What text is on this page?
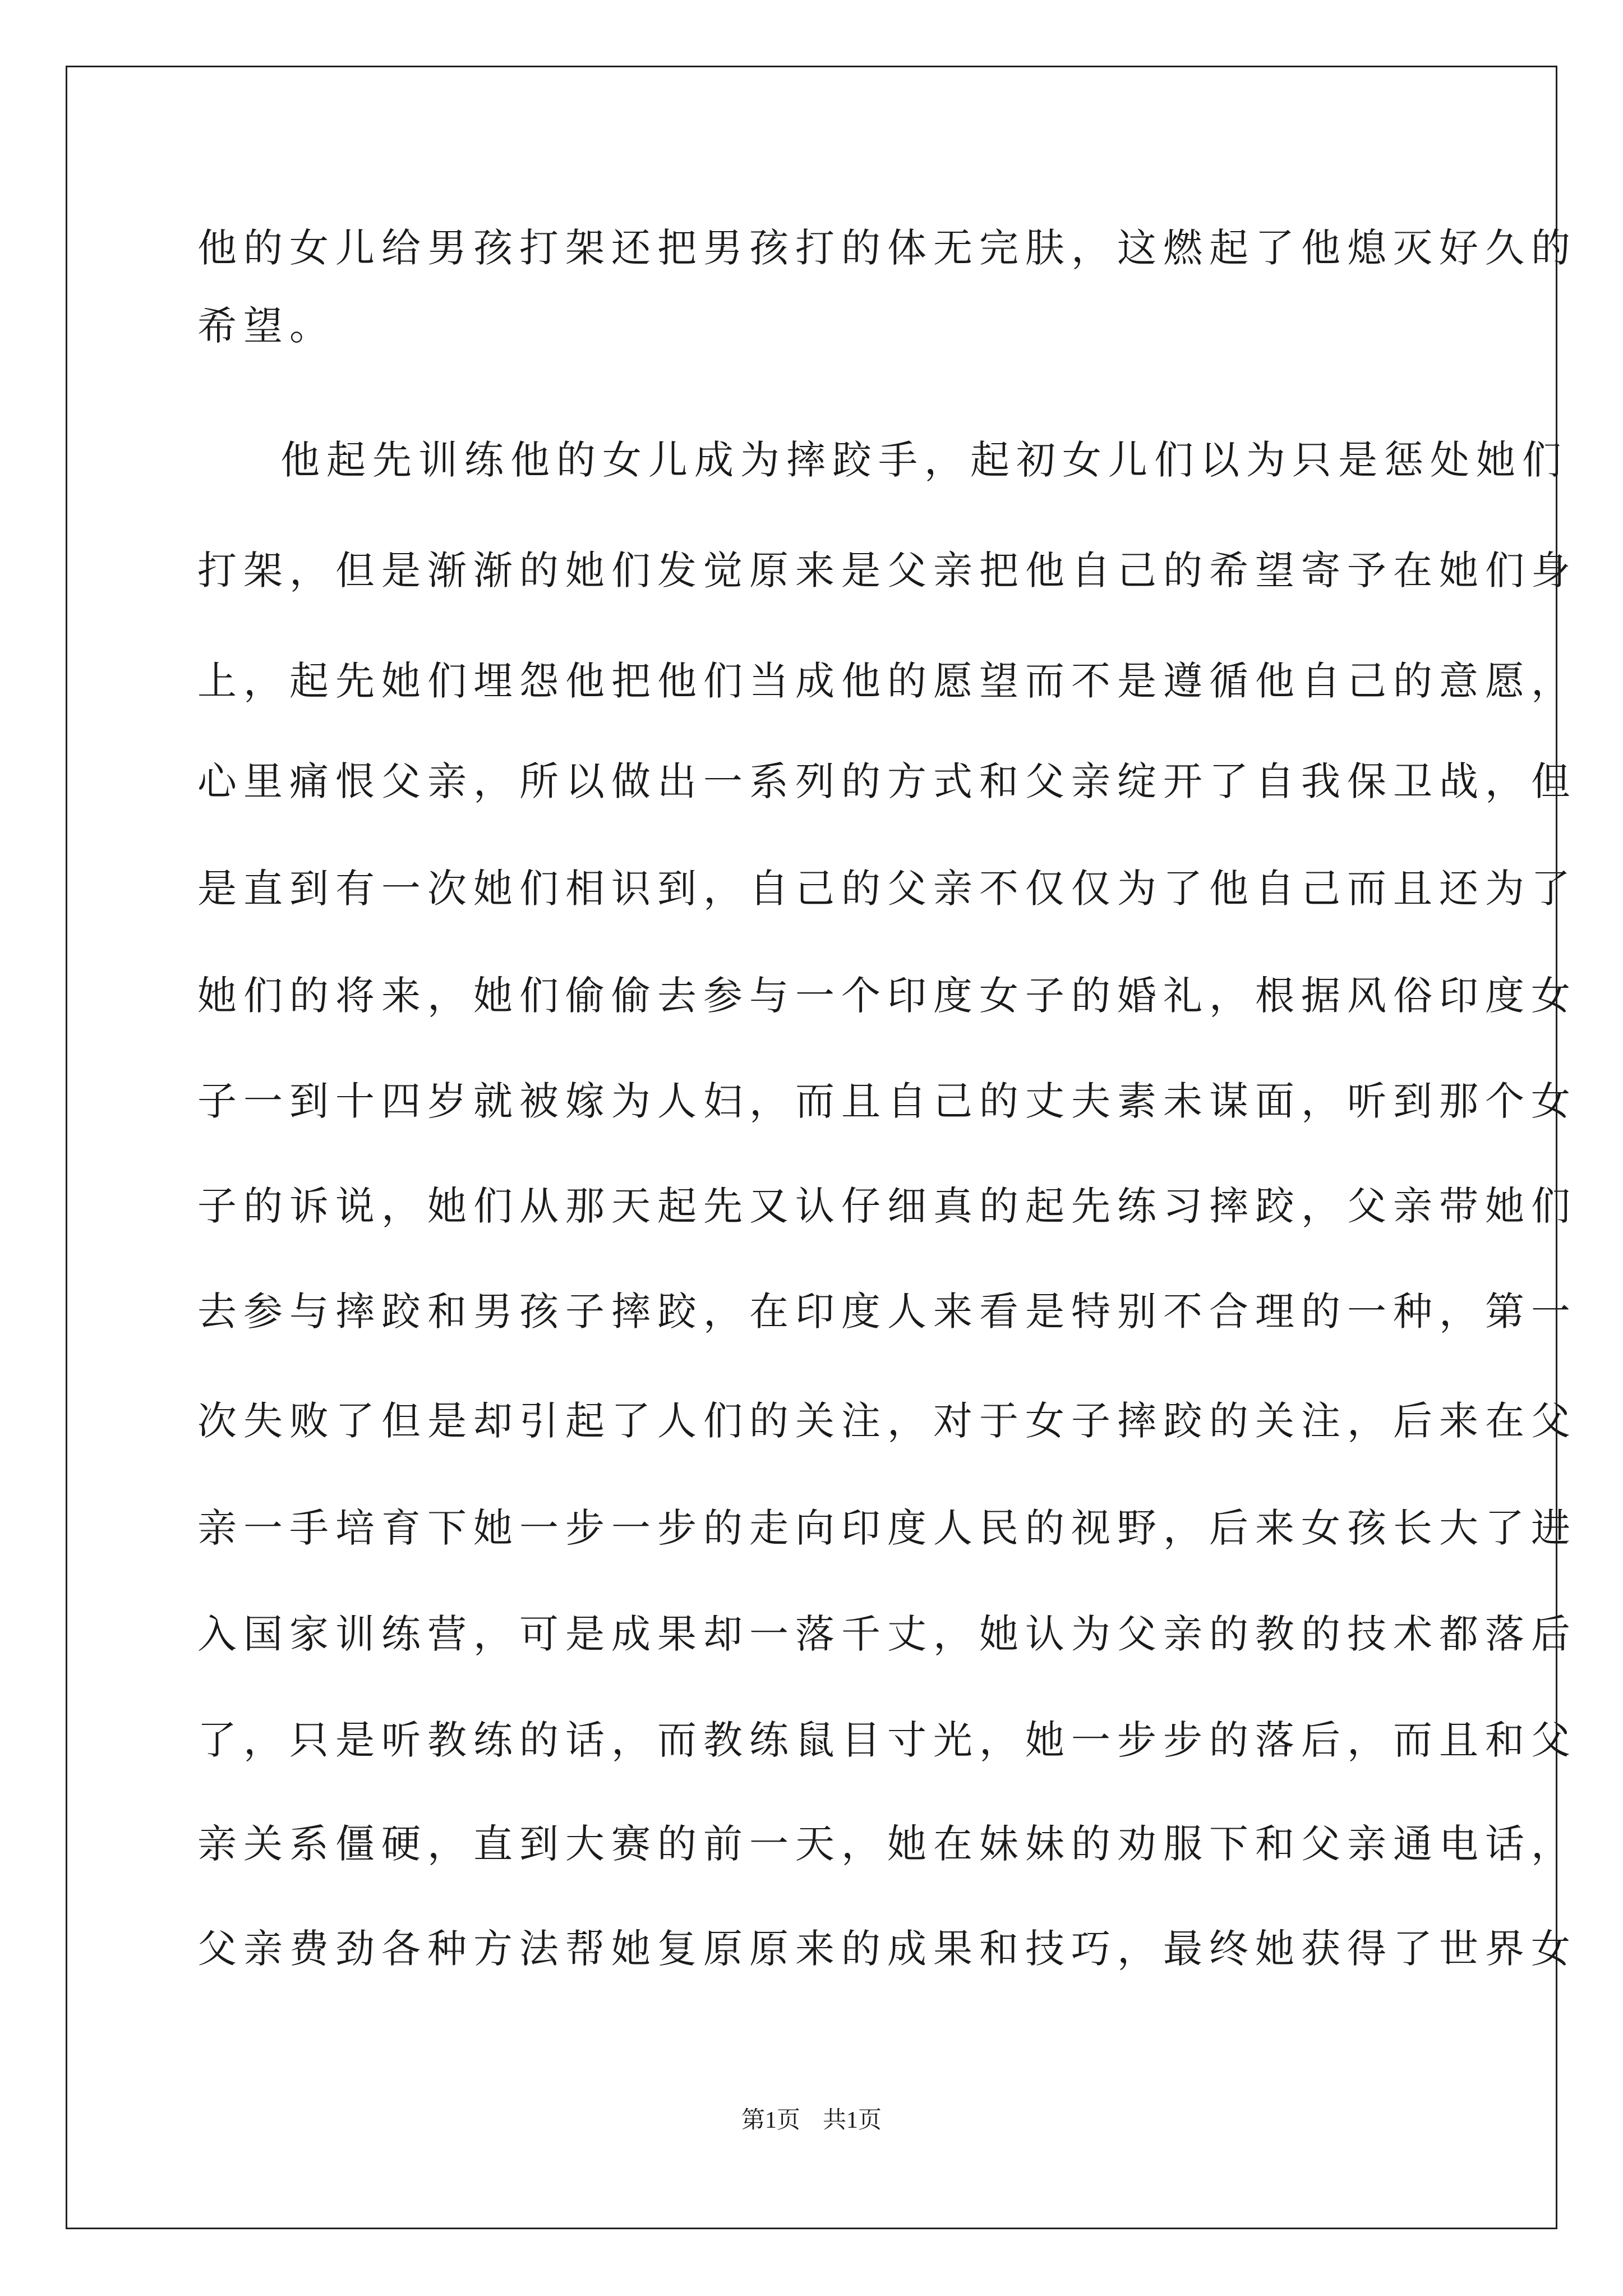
他的女儿给男孩打架还把男孩打的体无完肤，这燃起了他熄灭好久的
希望。
他起先训练他的女儿成为摔跤手，起初女儿们以为只是惩处她们
打架，但是渐渐的她们发觉原来是父亲把他自己的希望寄予在她们身
上，起先她们埋怨他把他们当成他的愿望而不是遵循他自己的意愿，
心里痛恨父亲，所以做出一系列的方式和父亲绽开了自我保卫战，但
是直到有一次她们相识到，自己的父亲不仅仅为了他自己而且还为了
她们的将来，她们偷偷去参与一个印度女子的婚礼，根据风俗印度女
子一到十四岁就被嫁为人妇，而且自己的丈夫素未谋面，听到那个女
子的诉说，她们从那天起先又认仔细真的起先练习摔跤，父亲带她们
去参与摔跤和男孩子摔跤，在印度人来看是特别不合理的一种，第一
次失败了但是却引起了人们的关注，对于女子摔跤的关注，后来在父
亲一手培育下她一步一步的走向印度人民的视野，后来女孩长大了进
入国家训练营，可是成果却一落千丈，她认为父亲的教的技术都落后
了，只是听教练的话，而教练鼠目寸光，她一步步的落后，而且和父
亲关系僵硬，直到大赛的前一天，她在妹妹的劝服下和父亲通电话，
父亲费劲各种方法帮她复原原来的成果和技巧，最终她获得了世界女
第1页 共1页
